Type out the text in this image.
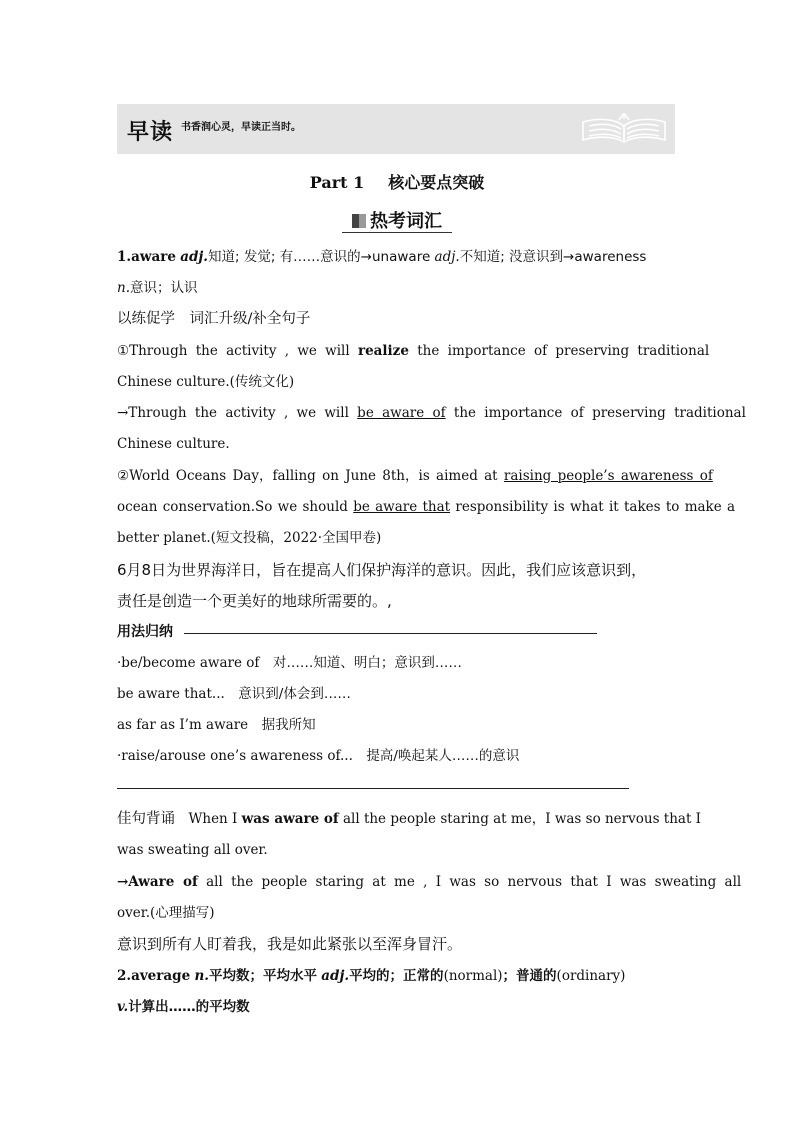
早读 书香润心灵，早读正当时。
Part 1 核心要点突破
热考词汇
1.aware adj.知道; 发觉; 有……意识的→unaware adj.不知道; 没意识到→awareness
n.意识；认识
以练促学　词汇升级/补全句子
①Through the activity , we will realize the importance of preserving traditional
Chinese culture.(传统文化)
→Through the activity , we will be aware of the importance of preserving traditional
Chinese culture.
②World Oceans Day，falling on June 8th，is aimed at raising people’s awareness of
ocean conservation.So we should be aware that responsibility is what it takes to make a
better planet.(短文投稿，2022·全国甲卷)
6月8日为世界海洋日，旨在提高人们保护海洋的意识。因此，我们应该意识到，
责任是创造一个更美好的地球所需要的。,
用法归纳
·be/become aware of　 对……知道、明白；意识到……
be aware that...　 意识到/体会到……
as far as I’m aware　 据我所知
·raise/arouse one’s awareness of...　 提高/唤起某人……的意识
佳句背诵　 When I was aware of all the people staring at me，I was so nervous that I
was sweating all over.
→Aware of all the people staring at me , I was so nervous that I was sweating all
over.(心理描写)
意识到所有人盯着我，我是如此紧张以至浑身冒汗。
2.average n.平均数；平均水平 adj.平均的；正常的(normal)；普通的(ordinary)
v.计算出……的平均数
